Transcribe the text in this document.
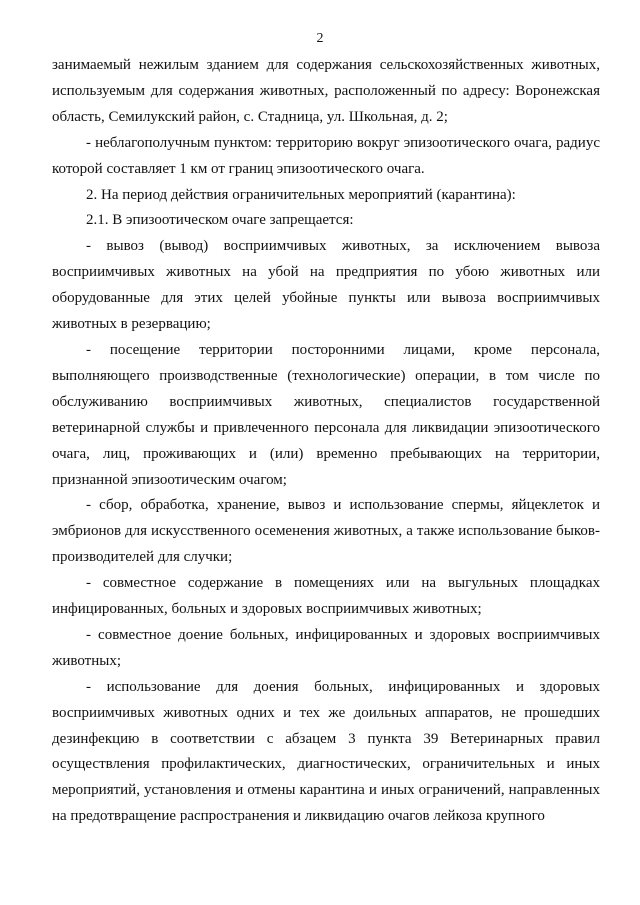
2

занимаемый нежилым зданием для содержания сельскохозяйственных животных, используемым для содержания животных, расположенный по адресу: Воронежская область, Семилукский район, с. Стадница, ул. Школьная, д. 2;

- неблагополучным пунктом: территорию вокруг эпизоотического очага, радиус которой составляет 1 км от границ эпизоотического очага.

2. На период действия ограничительных мероприятий (карантина):

2.1. В эпизоотическом очаге запрещается:

- вывоз (вывод) восприимчивых животных, за исключением вывоза восприимчивых животных на убой на предприятия по убою животных или оборудованные для этих целей убойные пункты или вывоза восприимчивых животных в резервацию;

- посещение территории посторонними лицами, кроме персонала, выполняющего производственные (технологические) операции, в том числе по обслуживанию восприимчивых животных, специалистов государственной ветеринарной службы и привлеченного персонала для ликвидации эпизоотического очага, лиц, проживающих и (или) временно пребывающих на территории, признанной эпизоотическим очагом;

- сбор, обработка, хранение, вывоз и использование спермы, яйцеклеток и эмбрионов для искусственного осеменения животных, а также использование быков-производителей для случки;

- совместное содержание в помещениях или на выгульных площадках инфицированных, больных и здоровых восприимчивых животных;

- совместное доение больных, инфицированных и здоровых восприимчивых животных;

- использование для доения больных, инфицированных и здоровых восприимчивых животных одних и тех же доильных аппаратов, не прошедших дезинфекцию в соответствии с абзацем 3 пункта 39 Ветеринарных правил осуществления профилактических, диагностических, ограничительных и иных мероприятий, установления и отмены карантина и иных ограничений, направленных на предотвращение распространения и ликвидацию очагов лейкоза крупного
